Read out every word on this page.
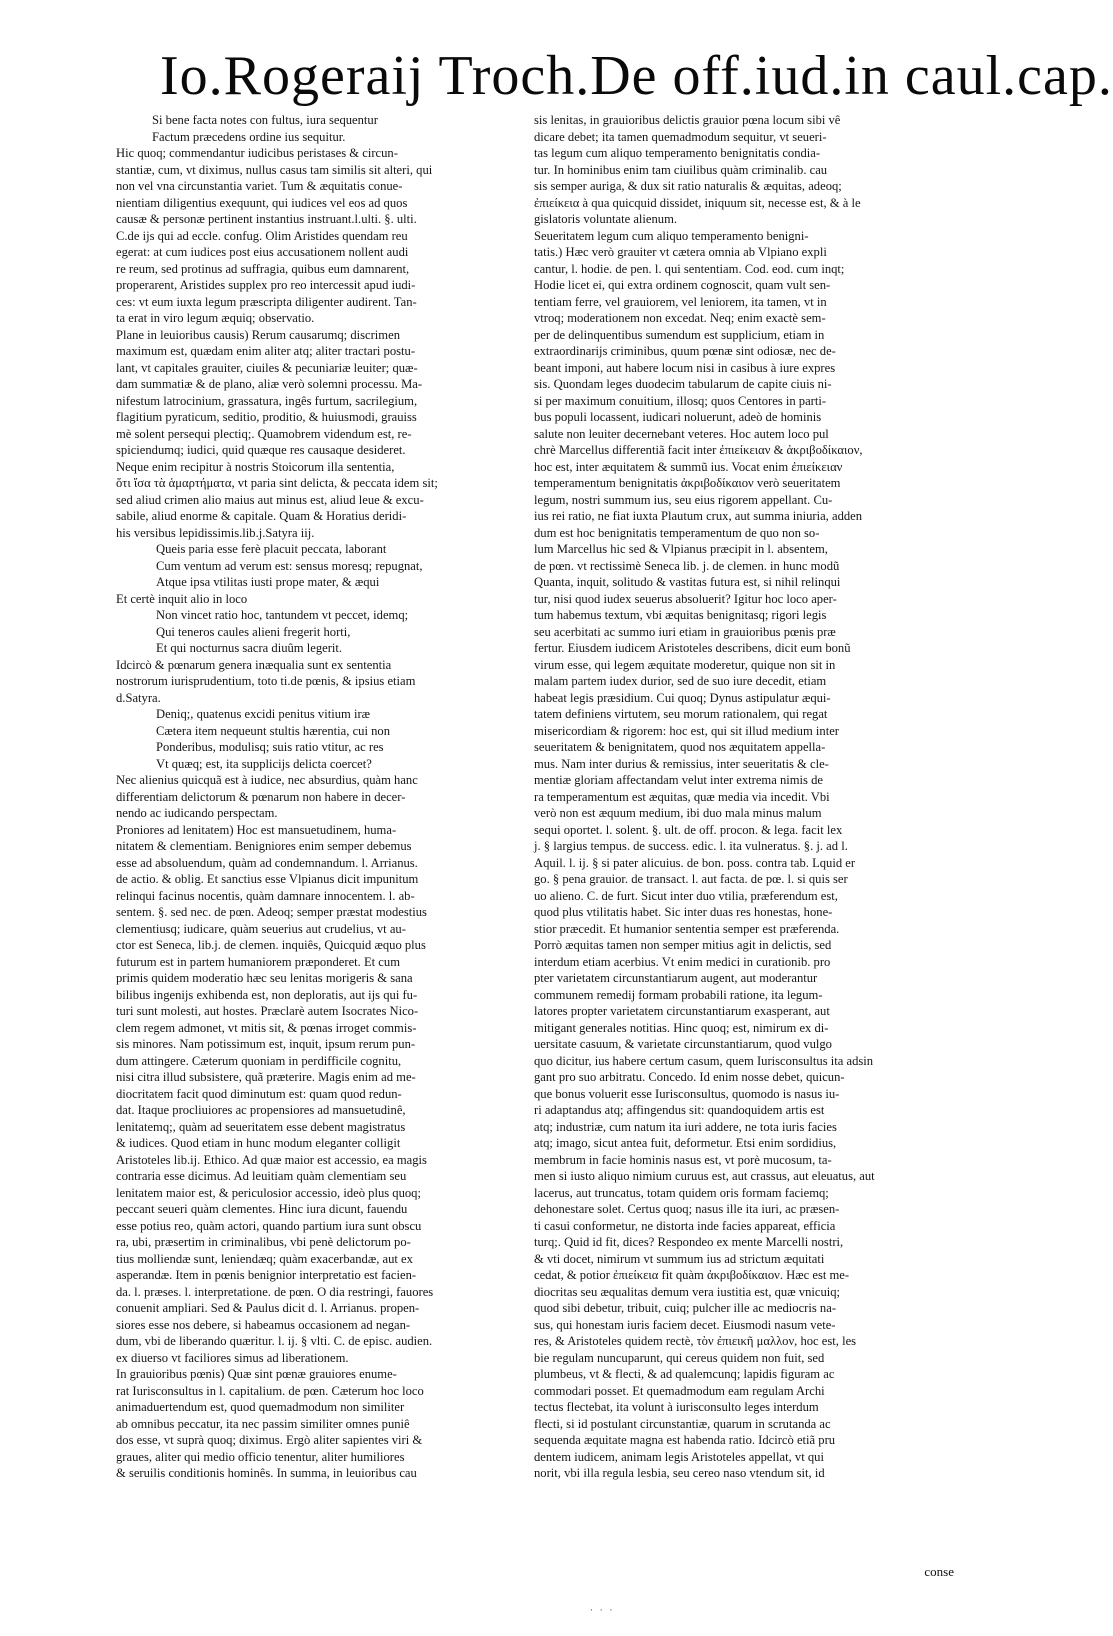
Io.Rogeraij Troch.De off.iud.in caul.cap.
Si bene facta notes con fultus, iura sequentur
Factum præcedens ordine ius sequitur.
Hic quoq; commendantur iudicibus peristases & circun-
stantiæ, cum, vt diximus, nullus casus tam similis sit alteri, qui
non vel vna circunstantia variet. Tum & æquitatis conue-
nientiam diligentius exequunt, qui iudices vel eos ad quos
causæ & personæ pertinent instantius instruant.l.ulti. §. ulti.
C.de ijs qui ad eccle. confug. Olim Aristides quendam reu
egerat: at cum iudices post eius accusationem nollent audi
re reum, sed protinus ad suffragia, quibus eum damnarent,
properarent, Aristides supplex pro reo intercessit apud iudi-
ces: vt eum iuxta legum præscripta diligenter audirent. Tan-
ta erat in viro legum æquiq; observatio.
Plane in leuioribus causis) Rerum causarumq; discrimen
maximum est, quædam enim aliter atq; aliter tractari postu-
lant, vt capitales grauiter, ciuiles & pecuniariæ leuiter; quæ-
dam summatiæ & de plano, aliæ verò solemni processu. Ma-
nifestum latrocinium, grassatura, ingês furtum, sacrilegium,
flagitium pyraticum, seditio, proditio, & huiusmodi, grauiss
mè solent persequi plectiq;. Quamobrem videndum est, re-
spiciendumq; iudici, quid quæque res causaque desideret.
Neque enim recipitur à nostris Stoicorum illa sententia,
ὅτι ἴσα τὰ ἁμαρτήματα, vt paria sint delicta, & peccata idem sit;
sed aliud crimen alio maius aut minus est, aliud leue & excu-
sabile, aliud enorme & capitale. Quam & Horatius deridi-
his versibus lepidissimis.lib.j.Satyra iij.
Queis paria esse ferè placuit peccata, laborant
Cum ventum ad verum est: sensus moresq; repugnat,
Atque ipsa vtilitas iusti prope mater, & æqui
Et certè inquit alio in loco
Non vincet ratio hoc, tantundem vt peccet, idemq;
Qui teneros caules alieni fregerit horti,
Et qui nocturnus sacra diuûm legerit.
Idcircò & pœnarum genera inæqualia sunt ex sententia
nostrorum iurisprudentium, toto ti.de pœnis, & ipsius etiam
d.Satyra.
Deniq;, quatenus excidi penitus vitium iræ
Cætera item nequeunt stultis hærentia, cui non
Ponderibus, modulisq; suis ratio vtitur, ac res
Vt quæq; est, ita supplicijs delicta coercet?
Nec alienius quicquã est à iudice, nec absurdius, quàm hanc
differentiam delictorum & pœnarum non habere in decer-
nendo ac iudicando perspectam.
Proniores ad lenitatem) Hoc est mansuetudinem, huma-
nitatem & clementiam. Benigniores enim semper debemus
esse ad absoluendum, quàm ad condemnandum. l. Arrianus.
de actio. & oblig. Et sanctius esse Vlpianus dicit impunitum
relinqui facinus nocentis, quàm damnare innocentem. l. ab-
sentem. §. sed nec. de pœn. Adeoq; semper præstat modestius
clementiusq; iudicare, quàm seuerius aut crudelius, vt au-
ctor est Seneca, lib.j. de clemen. inquiês, Quicquid æquo plus
futurum est in partem humaniorem præponderet. Et cum
primis quidem moderatio hæc seu lenitas morigeris & sana
bilibus ingenijs exhibenda est, non deploratis, aut ijs qui fu-
turi sunt molesti, aut hostes. Præclarè autem Isocrates Nico-
clem regem admonet, vt mitis sit, & pœnas irroget commis-
sis minores. Nam potissimum est, inquit, ipsum rerum pun-
dum attingere. Cæterum quoniam in perdifficile cognitu,
nisi citra illud subsistere, quã præterire. Magis enim ad me-
diocritatem facit quod diminutum est: quam quod redun-
dat. Itaque procliuiores ac propensiores ad mansuetudinê,
lenitatemq;, quàm ad seueritatem esse debent magistratus
& iudices. Quod etiam in hunc modum eleganter colligit
Aristoteles lib.ij. Ethico. Ad quæ maior est accessio, ea magis
contraria esse dicimus. Ad leuitiam quàm clementiam seu
lenitatem maior est, & periculosior accessio, ideò plus quoq;
peccant seueri quàm clementes. Hinc iura dicunt, fauendu
esse potius reo, quàm actori, quando partium iura sunt obscu
ra, ubi, præsertim in criminalibus, vbi penè delictorum po-
tius molliendæ sunt, leniendæq; quàm exacerbandæ, aut ex
asperandæ. Item in pœnis benignior interpretatio est facien-
da. l. præses. l. interpretatione. de pœn. O dia restringi, fauores
conuenit ampliari. Sed & Paulus dicit d. l. Arrianus. propen-
siores esse nos debere, si habeamus occasionem ad negan-
dum, vbi de liberando quæritur. l. ij. § vlti. C. de episc. audien.
ex diuerso vt faciliores simus ad liberationem.
In grauioribus pœnis) Quæ sint pœnæ grauiores enume-
rat Iurisconsultus in l. capitalium. de pœn. Cæterum hoc loco
animaduertendum est, quod quemadmodum non similiter
ab omnibus peccatur, ita nec passim similiter omnes puniê
dos esse, vt suprà quoq; diximus. Ergò aliter sapientes viri &
graues, aliter qui medio officio tenentur, aliter humiliores
& seruilis conditionis hominês. In summa, in leuioribus cau
sis lenitas, in grauioribus delictis grauior pœna locum sibi vê
dicare debet; ita tamen quemadmodum sequitur, vt seueri-
tas legum cum aliquo temperamento benignitatis condia-
tur. In hominibus enim tam ciuilibus quàm criminalib. cau
sis semper auriga, & dux sit ratio naturalis & æquitas, adeoq;
ἐπιείκεια à qua quicquid dissidet, iniquum sit, necesse est, & à le
gislatoris voluntate alienum.
Seueritatem legum cum aliquo temperamento benigni-
tatis.) Hæc verò grauiter vt cætera omnia ab Vlpiano expli
cantur, l. hodie. de pen. l. qui sententiam. Cod. eod. cum inqt;
Hodie licet ei, qui extra ordinem cognoscit, quam vult sen-
tentiam ferre, vel grauiorem, vel leniorem, ita tamen, vt in
vtroq; moderationem non excedat. Neq; enim exactè sem-
per de delinquentibus sumendum est supplicium, etiam in
extraordinarijs criminibus, quum pœnæ sint odiosæ, nec de-
beant imponi, aut habere locum nisi in casibus à iure expres
sis. Quondam leges duodecim tabularum de capite ciuis ni-
si per maximum conuitium, illosq; quos Centores in parti-
bus populi locassent, iudicari noluerunt, adeò de hominis
salute non leuiter decernebant veteres. Hoc autem loco pul
chrè Marcellus differentiã facit inter ἐπιείκειαν & ἀκριβοδίκαιον,
hoc est, inter æquitatem & summũ ius. Vocat enim ἐπιείκειαν
temperamentum benignitatis ἀκριβοδίκαιον verò seueritatem
legum, nostri summum ius, seu eius rigorem appellant. Cu-
ius rei ratio, ne fiat iuxta Plautum crux, aut summa iniuria, adden
dum est hoc benignitatis temperamentum de quo non so-
lum Marcellus hic sed & Vlpianus præcipit in l. absentem,
de pœn. vt rectissimè Seneca lib. j. de clemen. in hunc modũ
Quanta, inquit, solitudo & vastitas futura est, si nihil relinqui
tur, nisi quod iudex seuerus absoluerit? Igitur hoc loco aper-
tum habemus textum, vbi æquitas benignitasq; rigori legis
seu acerbitati ac summo iuri etiam in grauioribus pœnis præ
fertur. Eiusdem iudicem Aristoteles describens, dicit eum bonũ
virum esse, qui legem æquitate moderetur, quique non sit in
malam partem iudex durior, sed de suo iure decedit, etiam
habeat legis præsidium. Cui quoq; Dynus astipulatur æqui-
tatem definiens virtutem, seu morum rationalem, qui regat
misericordiam & rigorem: hoc est, qui sit illud medium inter
seueritatem & benignitatem, quod nos æquitatem appella-
mus. Nam inter durius & remissius, inter seueritatis & cle-
mentiæ gloriam affectandam velut inter extrema nimis de
ra temperamentum est æquitas, quæ media via incedit. Vbi
verò non est æquum medium, ibi duo mala minus malum
sequi oportet. l. solent. §. ult. de off. procon. & lega. facit lex
j. § largius tempus. de success. edic. l. ita vulneratus. §. j. ad l.
Aquil. l. ij. § si pater alicuius. de bon. poss. contra tab. Lquid er
go. § pena grauior. de transact. l. aut facta. de pœ. l. si quis ser
uo alieno. C. de furt. Sicut inter duo vtilia, præferendum est,
quod plus vtilitatis habet. Sic inter duas res honestas, hone-
stior præcedit. Et humanior sententia semper est præferenda.
Porrò æquitas tamen non semper mitius agit in delictis, sed
interdum etiam acerbius. Vt enim medici in curationib. pro
pter varietatem circunstantiarum augent, aut moderantur
communem remedij formam probabili ratione, ita legum-
latores propter varietatem circunstantiarum exasperant, aut
mitigant generales notitias. Hinc quoq; est, nimirum ex di-
uersitate casuum, & varietate circunstantiarum, quod vulgo
quo dicitur, ius habere certum casum, quem Iurisconsultus ita adsin
gant pro suo arbitratu. Concedo. Id enim nosse debet, quicun-
que bonus voluerit esse Iurisconsultus, quomodo is nasus iu-
ri adaptandus atq; affingendus sit: quandoquidem artis est
atq; industriæ, cum natum ita iuri addere, ne tota iuris facies
atq; imago, sicut antea fuit, deformetur. Etsi enim sordidius,
membrum in facie hominis nasus est, vt porè mucosum, ta-
men si iusto aliquo nimium curuus est, aut crassus, aut eleuatus, aut
lacerus, aut truncatus, totam quidem oris formam faciemq;
dehonestare solet. Certus quoq; nasus ille ita iuri, ac præsen-
ti casui conformetur, ne distorta inde facies appareat, efficia
turq;. Quid id fit, dices? Respondeo ex mente Marcelli nostri,
& vti docet, nimirum vt summum ius ad strictum æquitati
cedat, & potior ἐπιείκεια fit quàm ἀκριβοδίκαιον. Hæc est me-
diocritas seu æqualitas demum vera iustitia est, quæ vnicuiq;
quod sibi debetur, tribuit, cuiq; pulcher ille ac mediocris na-
sus, qui honestam iuris faciem decet. Eiusmodi nasum vete-
res, & Aristoteles quidem rectè, τὸν ἐπιεικῆ μαλλον, hoc est, les
bie regulam nuncuparunt, qui cereus quidem non fuit, sed
plumbeus, vt & flecti, & ad qualemcunq; lapidis figuram ac
commodari posset. Et quemadmodum eam regulam Archi
tectus flectebat, ita volunt à iurisconsulto leges interdum
flecti, si id postulant circunstantiæ, quarum in scrutanda ac
sequenda æquitate magna est habenda ratio. Idcircò etiã pru
dentem iudicem, animam legis Aristoteles appellat, vt qui
norit, vbi illa regula lesbia, seu cereo naso vtendum sit, id
conse
· · ·
